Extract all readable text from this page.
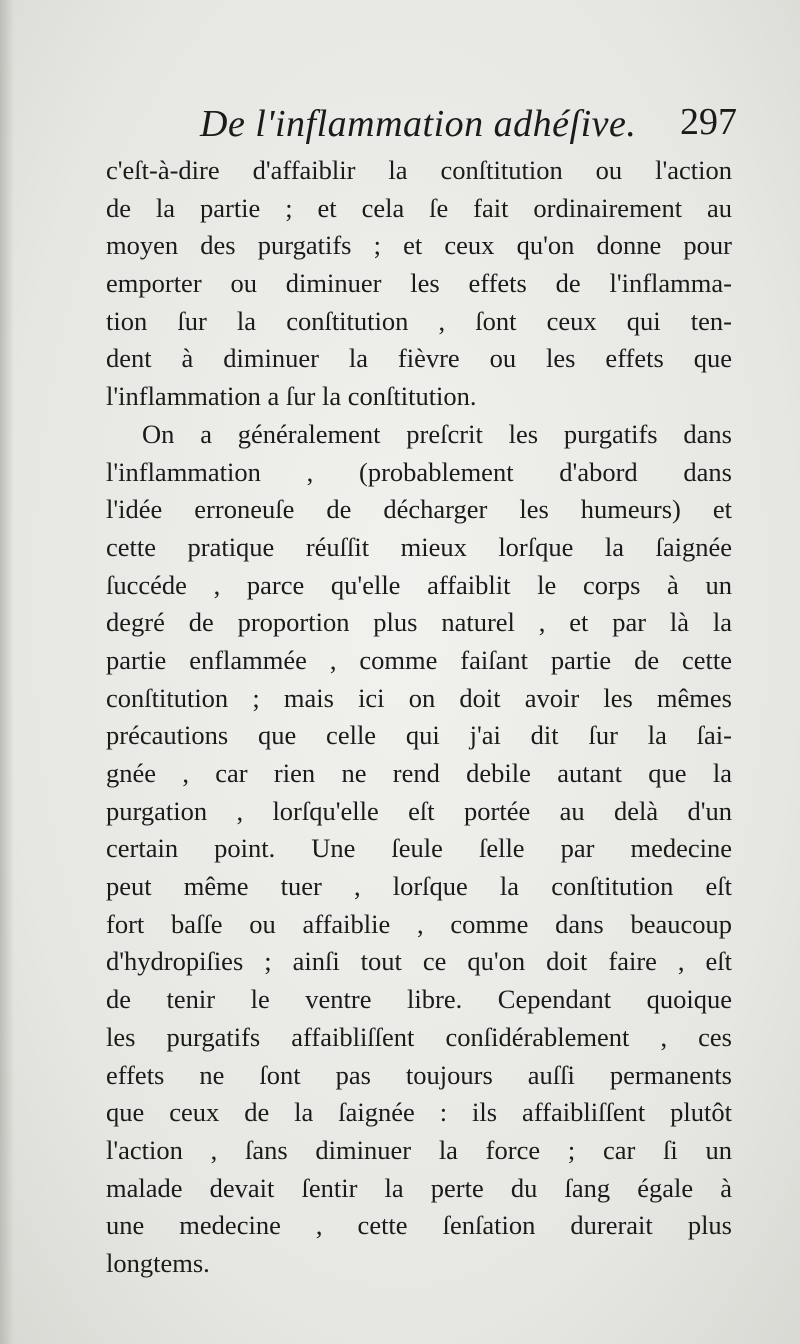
De l'inflammation adhéſive. 297
c'eſt-à-dire d'affaiblir la conſtitution ou l'action
de la partie ; et cela ſe fait ordinairement au
moyen des purgatifs ; et ceux qu'on donne pour
emporter ou diminuer les effets de l'inflamma-
tion ſur la conſtitution , ſont ceux qui ten-
dent à diminuer la fièvre ou les effets que
l'inflammation a ſur la conſtitution.
On a généralement preſcrit les purgatifs dans
l'inflammation , (probablement d'abord dans
l'idée erroneuſe de décharger les humeurs) et
cette pratique réuſſit mieux lorſque la ſaignée
ſuccéde , parce qu'elle affaiblit le corps à un
degré de proportion plus naturel , et par là la
partie enflammée , comme faiſant partie de cette
conſtitution ; mais ici on doit avoir les mêmes
précautions que celle qui j'ai dit ſur la ſai-
gnée , car rien ne rend debile autant que la
purgation , lorſqu'elle eſt portée au delà d'un
certain point. Une ſeule ſelle par medecine
peut même tuer , lorſque la conſtitution eſt
fort baſſe ou affaiblie , comme dans beaucoup
d'hydropiſies ; ainſi tout ce qu'on doit faire , eſt
de tenir le ventre libre. Cependant quoique
les purgatifs affaibliſſent conſidérablement , ces
effets ne ſont pas toujours auſſi permanents
que ceux de la ſaignée : ils affaibliſſent plutôt
l'action , ſans diminuer la force ; car ſi un
malade devait ſentir la perte du ſang égale à
une medecine , cette ſenſation durerait plus
longtems.
